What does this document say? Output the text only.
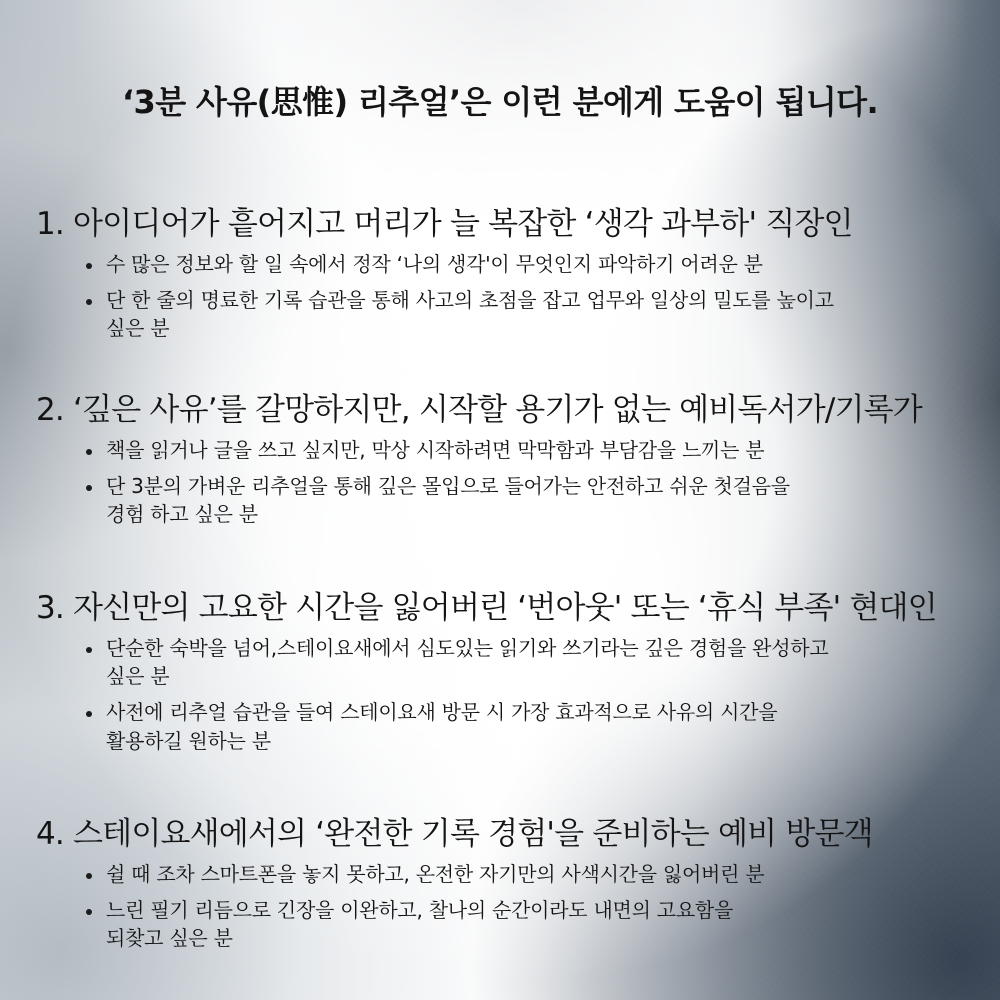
‘3분 사유(思惟) 리추얼’은 이런 분에게 도움이 됩니다.
1. 아이디어가 흩어지고 머리가 늘 복잡한 ‘생각 과부하' 직장인
수 많은 정보와 할 일 속에서 정작 ‘나의 생각'이 무엇인지 파악하기 어려운 분
단 한 줄의 명료한 기록 습관을 통해 사고의 초점을 잡고 업무와 일상의 밀도를 높이고
싶은 분
2. ‘깊은 사유’를 갈망하지만, 시작할 용기가 없는 예비독서가/기록가
책을 읽거나 글을 쓰고 싶지만, 막상 시작하려면 막막함과 부담감을 느끼는 분
단 3분의 가벼운 리추얼을 통해 깊은 몰입으로 들어가는 안전하고 쉬운 첫걸음을
경험 하고 싶은 분
3. 자신만의 고요한 시간을 잃어버린 ‘번아웃' 또는 ‘휴식 부족' 현대인
단순한 숙박을 넘어,스테이요새에서 심도있는 읽기와 쓰기라는 깊은 경험을 완성하고
싶은 분
사전에 리추얼 습관을 들여 스테이요새 방문 시 가장 효과적으로 사유의 시간을
활용하길 원하는 분
4. 스테이요새에서의 ‘완전한 기록 경험'을 준비하는 예비 방문객
쉴 때 조차 스마트폰을 놓지 못하고, 온전한 자기만의 사색시간을 잃어버린 분
느린 필기 리듬으로 긴장을 이완하고, 찰나의 순간이라도 내면의 고요함을
되찾고 싶은 분
